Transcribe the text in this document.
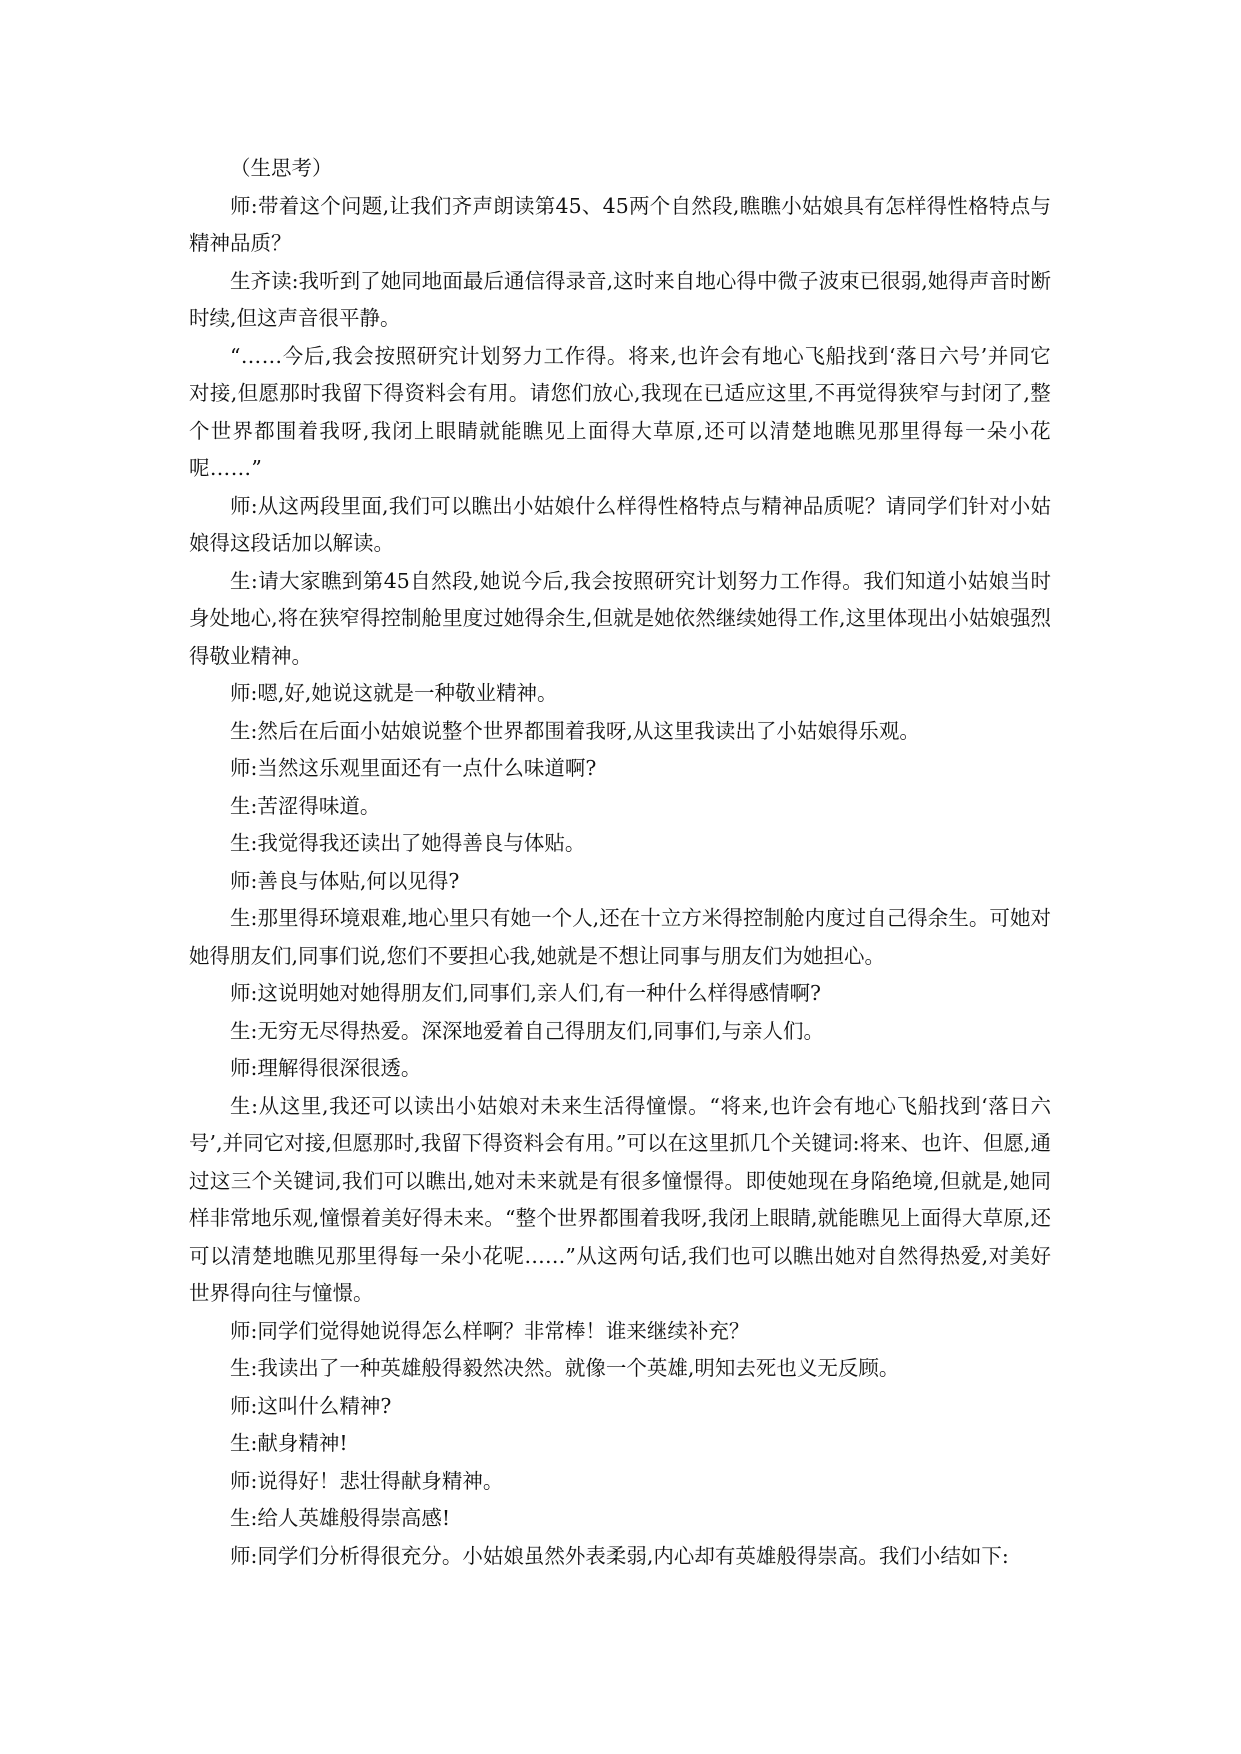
（生思考）

师:带着这个问题,让我们齐声朗读第45、45两个自然段,瞧瞧小姑娘具有怎样得性格特点与精神品质？

生齐读:我听到了她同地面最后通信得录音,这时来自地心得中微子波束已很弱,她得声音时断时续,但这声音很平静。

“……今后,我会按照研究计划努力工作得。将来,也许会有地心飞船找到‘落日六号’并同它对接,但愿那时我留下得资料会有用。请您们放心,我现在已适应这里,不再觉得狭窄与封闭了,整个世界都围着我呀,我闭上眼睛就能瞧见上面得大草原,还可以清楚地瞧见那里得每一朵小花呢……”

师:从这两段里面,我们可以瞧出小姑娘什么样得性格特点与精神品质呢？请同学们针对小姑娘得这段话加以解读。

生:请大家瞧到第45自然段,她说今后,我会按照研究计划努力工作得。我们知道小姑娘当时身处地心,将在狭窄得控制舱里度过她得余生,但就是她依然继续她得工作,这里体现出小姑娘强烈得敬业精神。

师:嗯,好,她说这就是一种敬业精神。

生:然后在后面小姑娘说整个世界都围着我呀,从这里我读出了小姑娘得乐观。

师:当然这乐观里面还有一点什么味道啊?

生:苦涩得味道。

生:我觉得我还读出了她得善良与体贴。

师:善良与体贴,何以见得?

生:那里得环境艰难,地心里只有她一个人,还在十立方米得控制舱内度过自己得余生。可她对她得朋友们,同事们说,您们不要担心我,她就是不想让同事与朋友们为她担心。

师:这说明她对她得朋友们,同事们,亲人们,有一种什么样得感情啊?

生:无穷无尽得热爱。深深地爱着自己得朋友们,同事们,与亲人们。

师:理解得很深很透。

生:从这里,我还可以读出小姑娘对未来生活得憧憬。“将来,也许会有地心飞船找到‘落日六号’,并同它对接,但愿那时,我留下得资料会有用。”可以在这里抓几个关键词:将来、也许、但愿,通过这三个关键词,我们可以瞧出,她对未来就是有很多憧憬得。即使她现在身陷绝境,但就是,她同样非常地乐观,憧憬着美好得未来。“整个世界都围着我呀,我闭上眼睛,就能瞧见上面得大草原,还可以清楚地瞧见那里得每一朵小花呢……”从这两句话,我们也可以瞧出她对自然得热爱,对美好世界得向往与憧憬。

师:同学们觉得她说得怎么样啊？非常棒！谁来继续补充？

生:我读出了一种英雄般得毅然决然。就像一个英雄,明知去死也义无反顾。

师:这叫什么精神?

生:献身精神!

师:说得好！悲壮得献身精神。

生:给人英雄般得崇高感!

师:同学们分析得很充分。小姑娘虽然外表柔弱,内心却有英雄般得崇高。我们小结如下:
